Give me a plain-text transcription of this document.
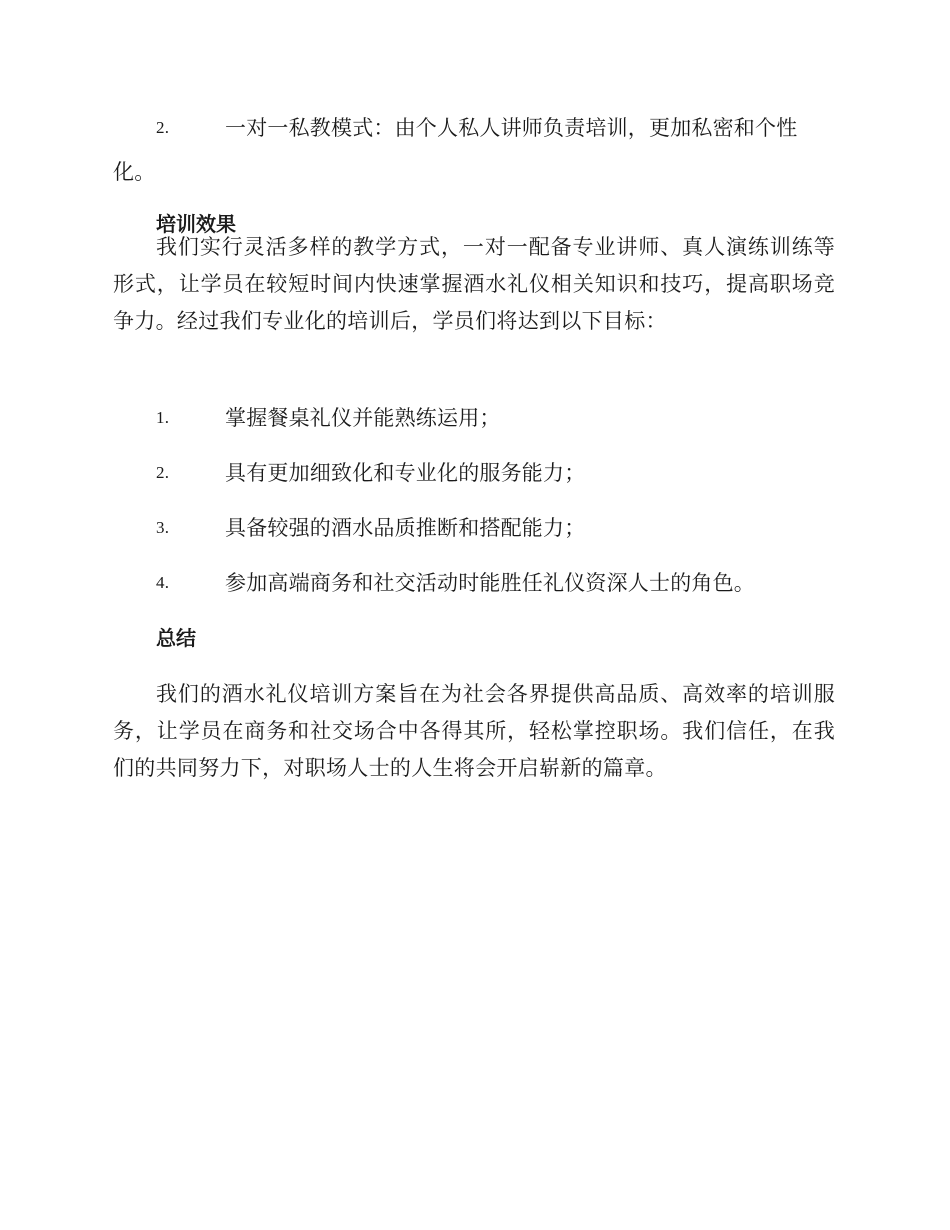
2.	一对一私教模式：由个人私人讲师负责培训，更加私密和个性化。
培训效果
我们实行灵活多样的教学方式，一对一配备专业讲师、真人演练训练等形式，让学员在较短时间内快速掌握酒水礼仪相关知识和技巧，提高职场竞争力。经过我们专业化的培训后，学员们将达到以下目标：
1.	掌握餐桌礼仪并能熟练运用；
2.	具有更加细致化和专业化的服务能力；
3.	具备较强的酒水品质推断和搭配能力；
4.	参加高端商务和社交活动时能胜任礼仪资深人士的角色。
总结
我们的酒水礼仪培训方案旨在为社会各界提供高品质、高效率的培训服务，让学员在商务和社交场合中各得其所，轻松掌控职场。我们信任，在我们的共同努力下，对职场人士的人生将会开启崭新的篇章。
